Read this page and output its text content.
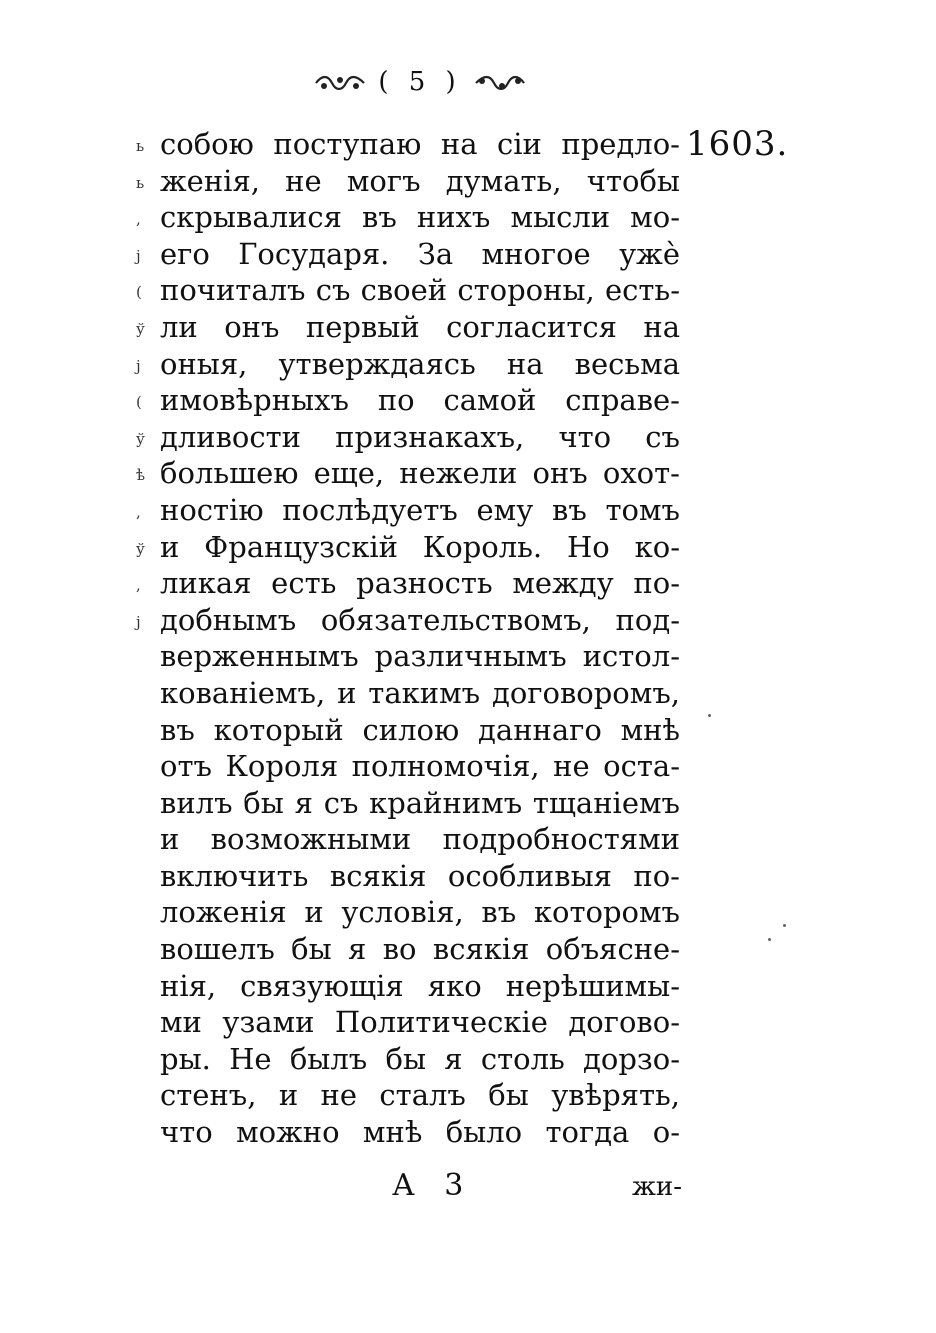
( 5 )
1603.
ь
ь
,
ј
(
ў
ј
(
ў
ѣ
,
ў
,
ј
собою поступаю на сіи предло-
женія, не могъ думать, чтобы
скрывалися въ нихъ мысли мо-
его Государя. За многое ужѐ
почиталъ съ своей стороны, есть-
ли онъ первый согласится на
оныя, утверждаясь на весьма
имовѣрныхъ по самой справе-
дливости признакахъ, что съ
большею еще, нежели онъ охот-
ностію послѣдуетъ ему въ томъ
и Французскій Король. Но ко-
ликая есть разность между по-
добнымъ обязательствомъ, под-
верженнымъ различнымъ истол-
кованіемъ, и такимъ договоромъ,
въ который силою даннаго мнѣ
отъ Короля полномочія, не оста-
вилъ бы я съ крайнимъ тщаніемъ
и возможными подробностями
включить всякія особливыя по-
ложенія и условія, въ которомъ
вошелъ бы я во всякія объясне-
нія, связующія яко нерѣшимы-
ми узами Политическіе догово-
ры. Не былъ бы я столь дорзо-
стенъ, и не сталъ бы увѣрять,
что можно мнѣ было тогда о-
А 3	жи-
